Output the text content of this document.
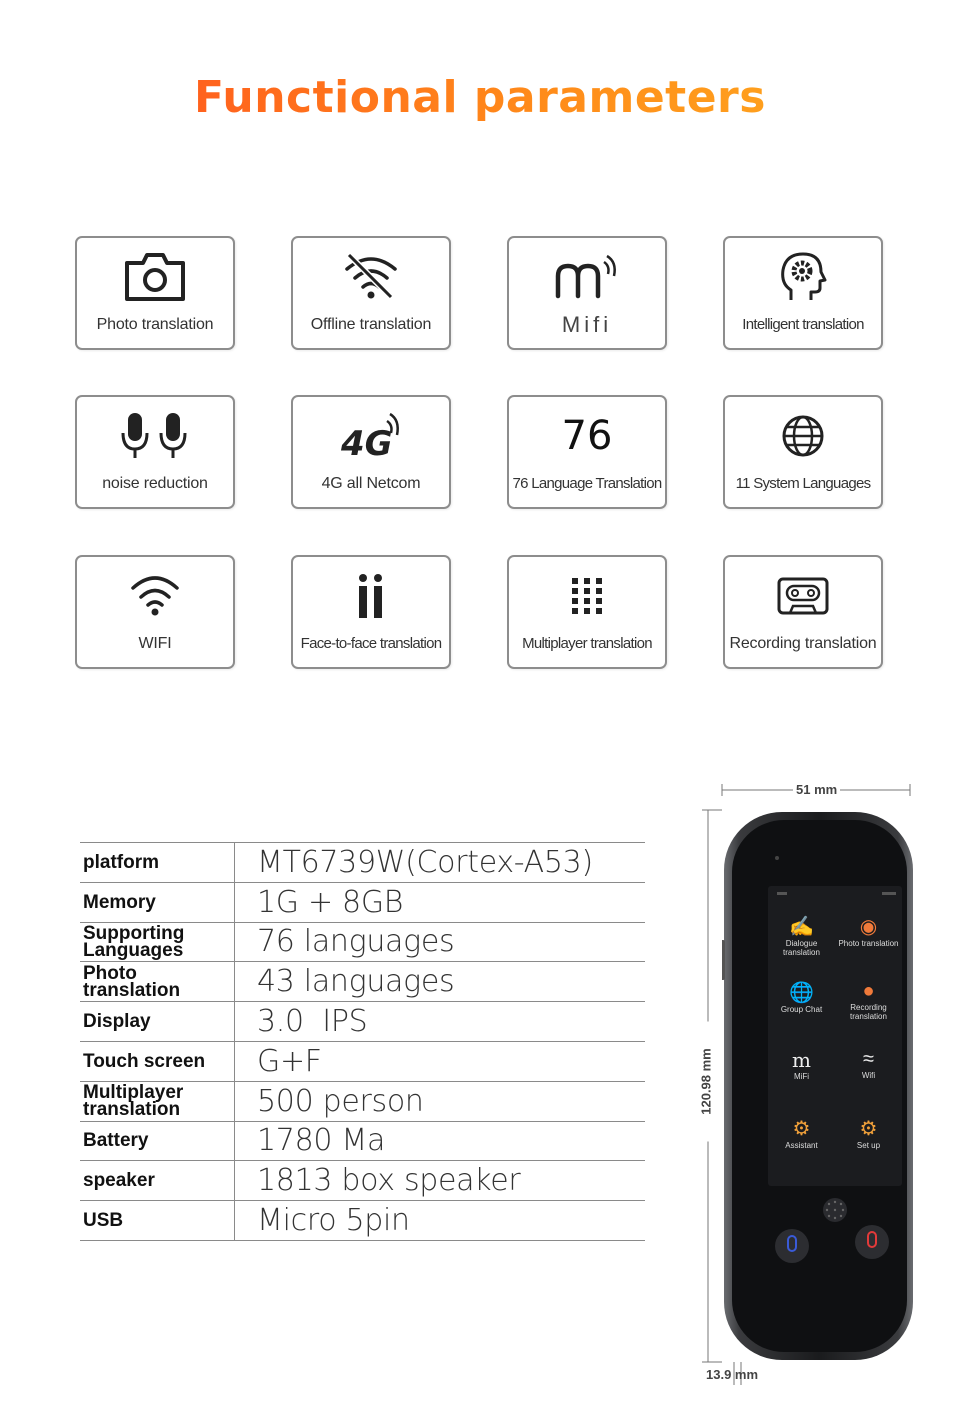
Functional parameters
Photo translation	Offline translation	Mifi	Intelligent translation
noise reduction
4G
4G all Netcom
76
76 Language Translation	11 System Languages
WIFI	Face-to-face translation	Multiplayer translation	Recording translation
platform	MT6739W(Cortex-A53)
Memory	1G + 8GB
Supporting Languages	76 languages
Photo translation	43 languages
Display	3.0  IPS
Touch screen	G+F
Multiplayer translation	500 person
Battery	1780 Ma
speaker	1813 box speaker
USB	Micro 5pin
51 mm
120.98 mm
13.9 mm
✍
Dialogue translation
◉
Photo translation
🌐
Group Chat
●
Recording translation
m
MiFi
≈
Wifi
⚙
Assistant
⚙
Set up
